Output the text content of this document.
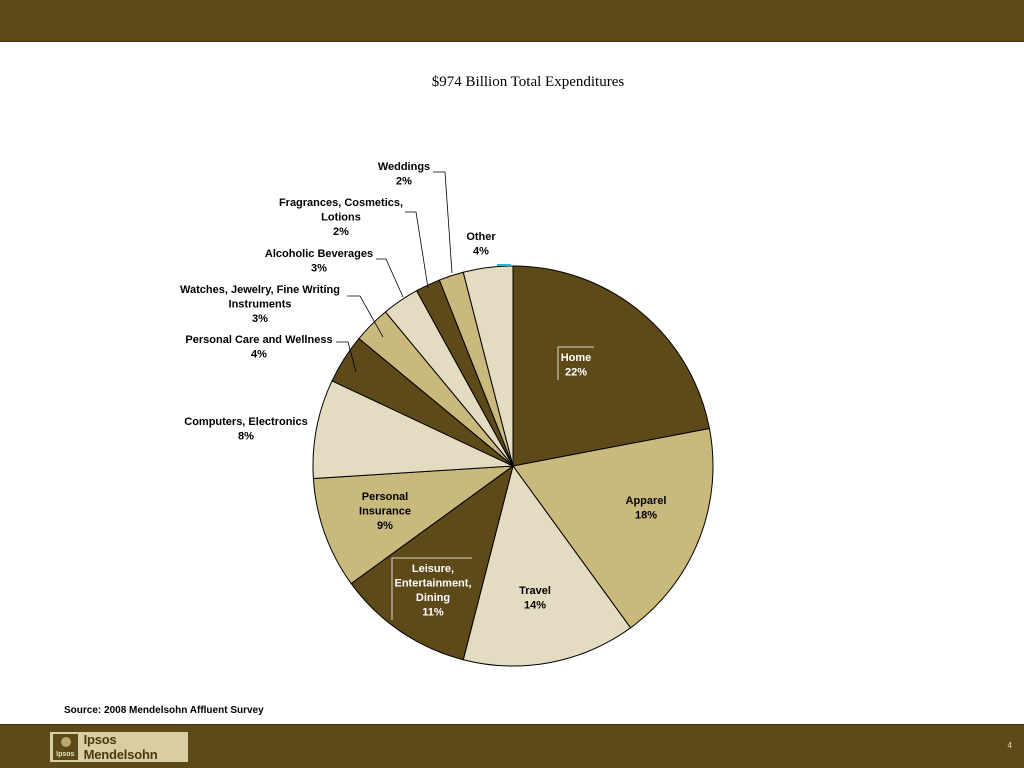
$974 Billion Total Expenditures
Home 22%
Apparel 18%
Travel 14%
Leisure, Entertainment, Dining 11%
Personal Insurance 9%
Computers, Electronics 8%
Personal Care and Wellness 4%
Watches, Jewelry, Fine Writing Instruments 3%
Alcoholic Beverages 3%
Fragrances, Cosmetics, Lotions 2%
Weddings 2%
Other 4%
Source: 2008 Mendelsohn Affluent Survey
Ipsos
Ipsos Mendelsohn
4
